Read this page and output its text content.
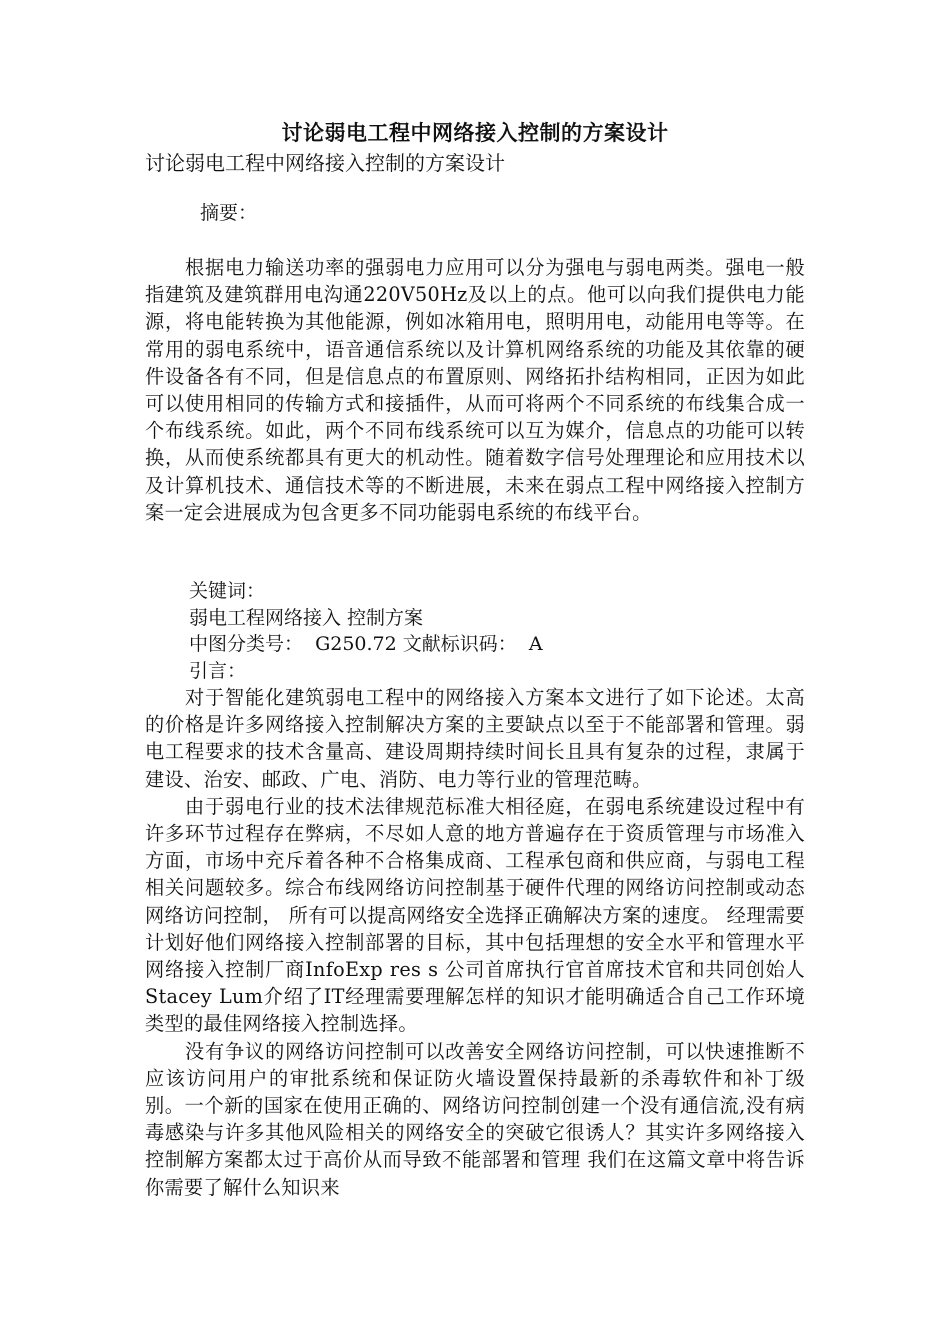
讨论弱电工程中网络接入控制的方案设计

讨论弱电工程中网络接入控制的方案设计

摘要：

根据电力输送功率的强弱电力应用可以分为强电与弱电两类。强电一般指建筑及建筑群用电沟通220V50Hz及以上的点。他可以向我们提供电力能源，将电能转换为其他能源，例如冰箱用电，照明用电，动能用电等等。在常用的弱电系统中，语音通信系统以及计算机网络系统的功能及其依靠的硬件设备各有不同，但是信息点的布置原则、网络拓扑结构相同，正因为如此可以使用相同的传输方式和接插件，从而可将两个不同系统的布线集合成一个布线系统。如此，两个不同布线系统可以互为媒介，信息点的功能可以转换，从而使系统都具有更大的机动性。随着数字信号处理理论和应用技术以及计算机技术、通信技术等的不断进展，未来在弱点工程中网络接入控制方案一定会进展成为包含更多不同功能弱电系统的布线平台。

关键词：

弱电工程网络接入 控制方案

中图分类号：  G250.72 文献标识码：  A

引言：

对于智能化建筑弱电工程中的网络接入方案本文进行了如下论述。太高的价格是许多网络接入控制解决方案的主要缺点以至于不能部署和管理。弱电工程要求的技术含量高、建设周期持续时间长且具有复杂的过程，隶属于建设、治安、邮政、广电、消防、电力等行业的管理范畴。

由于弱电行业的技术法律规范标准大相径庭，在弱电系统建设过程中有许多环节过程存在弊病，不尽如人意的地方普遍存在于资质管理与市场准入方面，市场中充斥着各种不合格集成商、工程承包商和供应商，与弱电工程相关问题较多。综合布线网络访问控制基于硬件代理的网络访问控制或动态网络访问控制， 所有可以提高网络安全选择正确解决方案的速度。 经理需要计划好他们网络接入控制部署的目标，其中包括理想的安全水平和管理水平网络接入控制厂商InfoExp res s 公司首席执行官首席技术官和共同创始人Stacey Lum介绍了IT经理需要理解怎样的知识才能明确适合自己工作环境类型的最佳网络接入控制选择。

没有争议的网络访问控制可以改善安全网络访问控制，可以快速推断不应该访问用户的审批系统和保证防火墙设置保持最新的杀毒软件和补丁级别。一个新的国家在使用正确的、网络访问控制创建一个没有通信流,没有病毒感染与许多其他风险相关的网络安全的突破它很诱人？其实许多网络接入控制解方案都太过于高价从而导致不能部署和管理 我们在这篇文章中将告诉你需要了解什么知识来
